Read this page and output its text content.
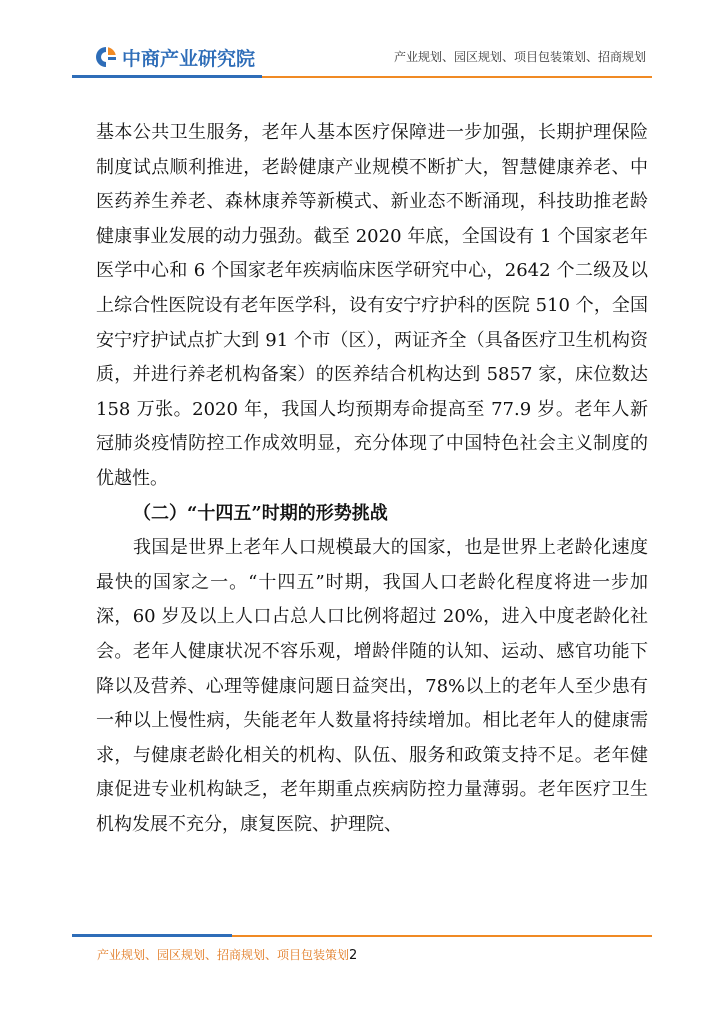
中商产业研究院	产业规划、园区规划、项目包装策划、招商规划

基本公共卫生服务，老年人基本医疗保障进一步加强，长期护理保险制度试点顺利推进，老龄健康产业规模不断扩大，智慧健康养老、中医药养生养老、森林康养等新模式、新业态不断涌现，科技助推老龄健康事业发展的动力强劲。截至 2020 年底，全国设有 1 个国家老年医学中心和 6 个国家老年疾病临床医学研究中心，2642 个二级及以上综合性医院设有老年医学科，设有安宁疗护科的医院 510 个，全国安宁疗护试点扩大到 91 个市（区），两证齐全（具备医疗卫生机构资质，并进行养老机构备案）的医养结合机构达到 5857 家，床位数达 158 万张。2020 年，我国人均预期寿命提高至 77.9 岁。老年人新冠肺炎疫情防控工作成效明显，充分体现了中国特色社会主义制度的优越性。

（二）“十四五”时期的形势挑战

我国是世界上老年人口规模最大的国家，也是世界上老龄化速度最快的国家之一。“十四五”时期，我国人口老龄化程度将进一步加深，60 岁及以上人口占总人口比例将超过 20%，进入中度老龄化社会。老年人健康状况不容乐观，增龄伴随的认知、运动、感官功能下降以及营养、心理等健康问题日益突出，78%以上的老年人至少患有一种以上慢性病，失能老年人数量将持续增加。相比老年人的健康需求，与健康老龄化相关的机构、队伍、服务和政策支持不足。老年健康促进专业机构缺乏，老年期重点疾病防控力量薄弱。老年医疗卫生机构发展不充分，康复医院、护理院、

产业规划、园区规划、招商规划、项目包装策划2
